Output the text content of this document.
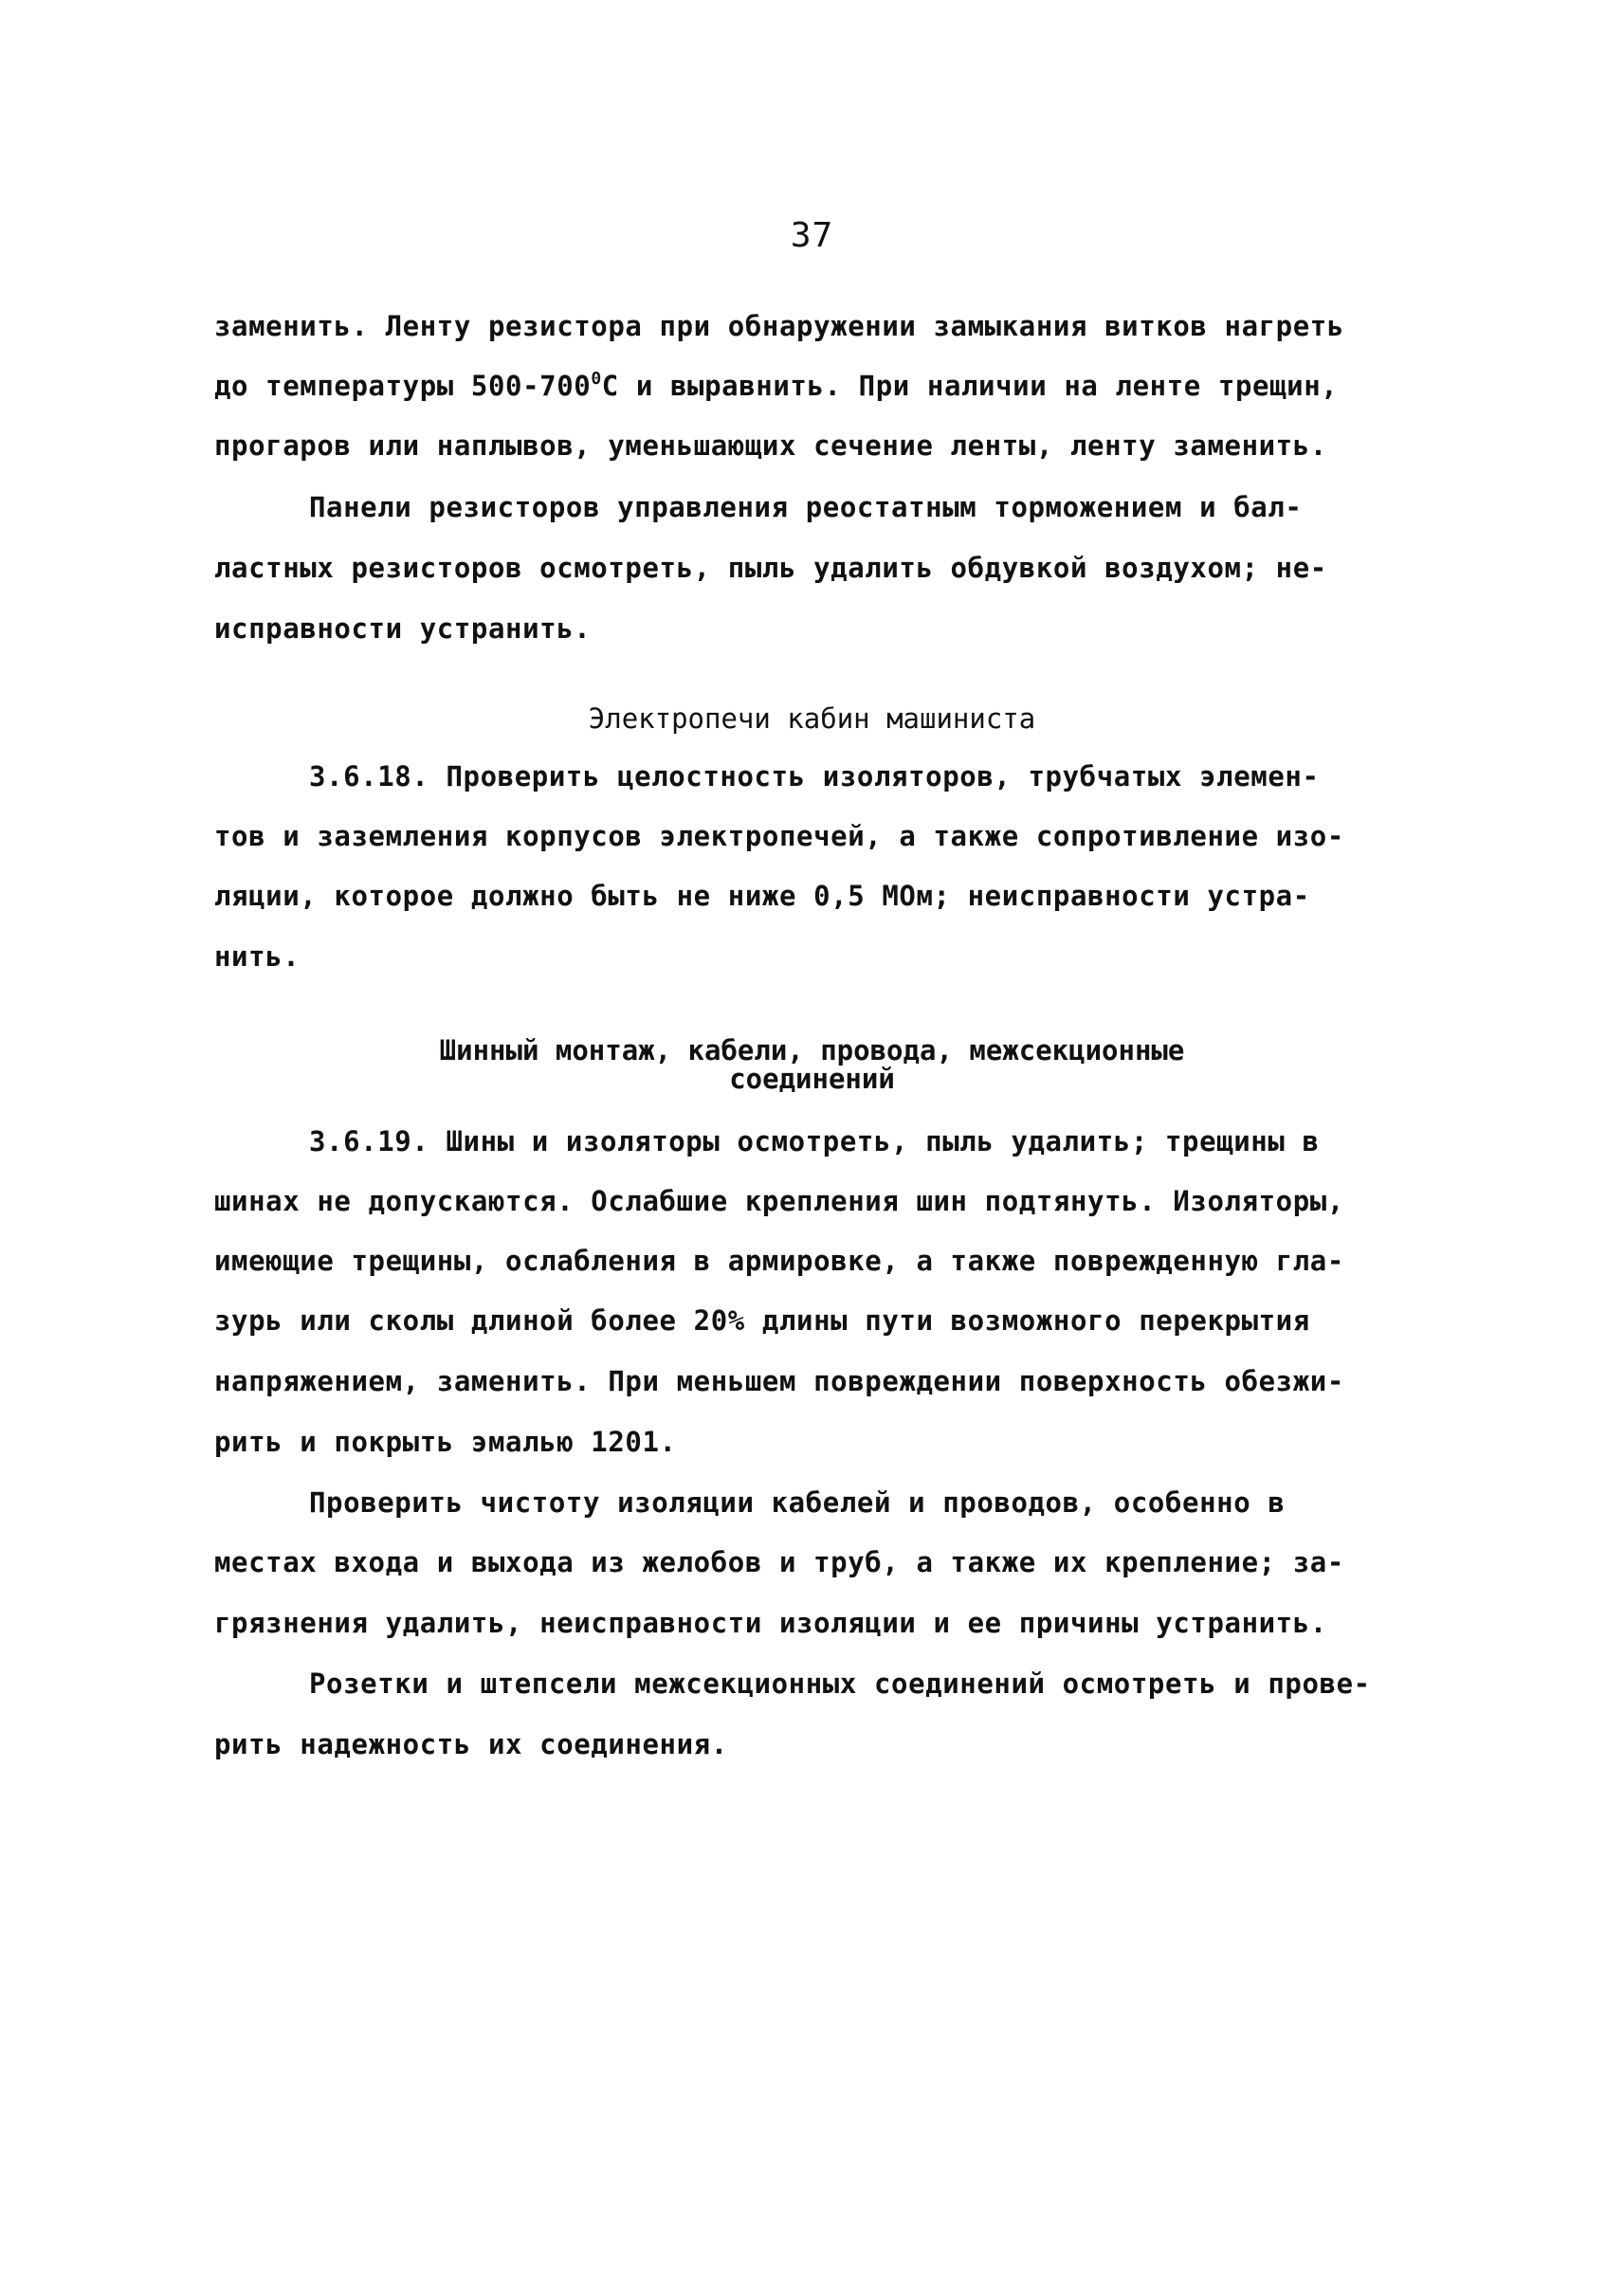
37
заменить. Ленту резистора при обнаружении замыкания витков нагреть
до температуры $500-700^0С$ и выравнить. При наличии на ленте трещин,
прогаров или наплывов, уменьшающих сечение ленты, ленту заменить.
Панели резисторов управления реостатным торможением и бал-
ластных резисторов осмотреть, пыль удалить обдувкой воздухом; не-
исправности устранить.
Электропечи кабин машиниста
3.6.18. Проверить целостность изоляторов, трубчатых элемен-
тов и заземления корпусов электропечей, а также сопротивление изо-
ляции, которое должно быть не ниже 0,5 МОм; неисправности устра-
нить.
Шинный монтаж, кабели, провода, межсекционные
соединений
3.6.19. Шины и изоляторы осмотреть, пыль удалить; трещины в
шинах не допускаются. Ослабшие крепления шин подтянуть. Изоляторы,
имеющие трещины, ослабления в армировке, а также поврежденную гла-
зурь или сколы длиной более 20% длины пути возможного перекрытия
напряжением, заменить. При меньшем повреждении поверхность обезжи-
рить и покрыть эмалью 1201.
Проверить чистоту изоляции кабелей и проводов, особенно в
местах входа и выхода из желобов и труб, а также их крепление; за-
грязнения удалить, неисправности изоляции и ее причины устранить.
Розетки и штепсели межсекционных соединений осмотреть и прове-
рить надежность их соединения.
